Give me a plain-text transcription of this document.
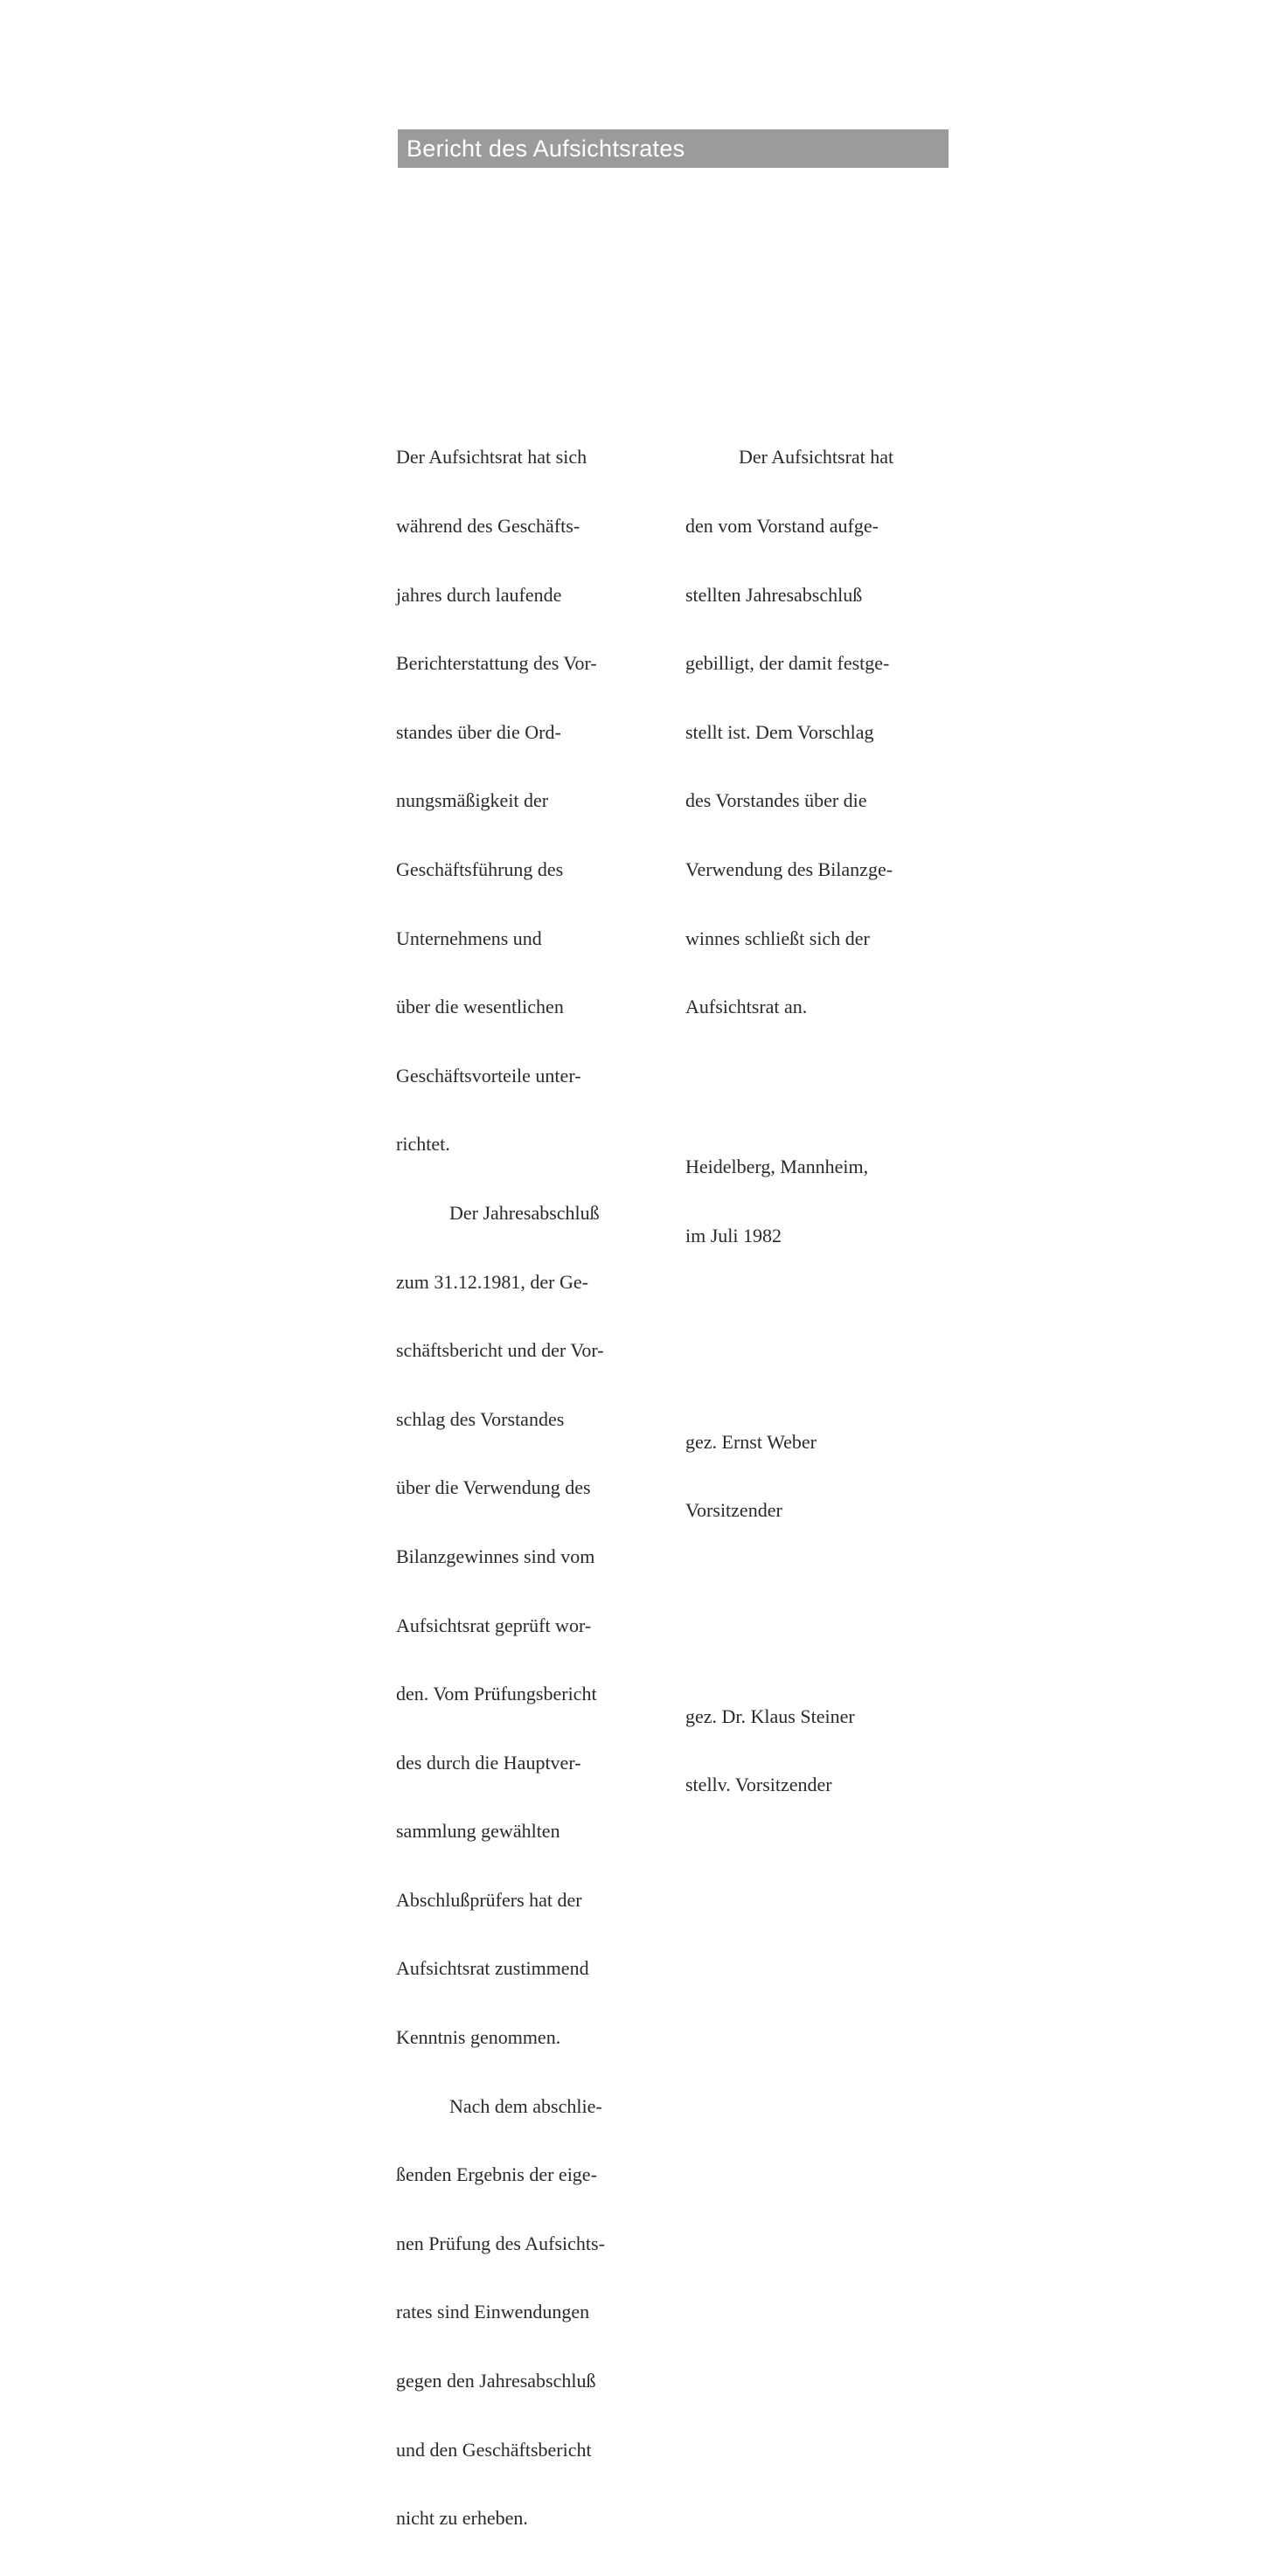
Bericht des Aufsichtsrates

Der Aufsichtsrat hat sich

während des Geschäfts-

jahres durch laufende

Berichterstattung des Vor-

standes über die Ord-

nungsmäßigkeit der

Geschäftsführung des

Unternehmens und

über die wesentlichen

Geschäftsvorteile unter-

richtet.

Der Jahresabschluß

zum 31.12.1981, der Ge-

schäftsbericht und der Vor-

schlag des Vorstandes

über die Verwendung des

Bilanzgewinnes sind vom

Aufsichtsrat geprüft wor-

den. Vom Prüfungsbericht

des durch die Hauptver-

sammlung gewählten

Abschlußprüfers hat der

Aufsichtsrat zustimmend

Kenntnis genommen.

Nach dem abschlie-

ßenden Ergebnis der eige-

nen Prüfung des Aufsichts-

rates sind Einwendungen

gegen den Jahresabschluß

und den Geschäftsbericht

nicht zu erheben.

Der Aufsichtsrat hat

den vom Vorstand aufge-

stellten Jahresabschluß

gebilligt, der damit festge-

stellt ist. Dem Vorschlag

des Vorstandes über die

Verwendung des Bilanzge-

winnes schließt sich der

Aufsichtsrat an.

Heidelberg, Mannheim,

im Juli 1982

gez. Ernst Weber

Vorsitzender

gez. Dr. Klaus Steiner

stellv. Vorsitzender
